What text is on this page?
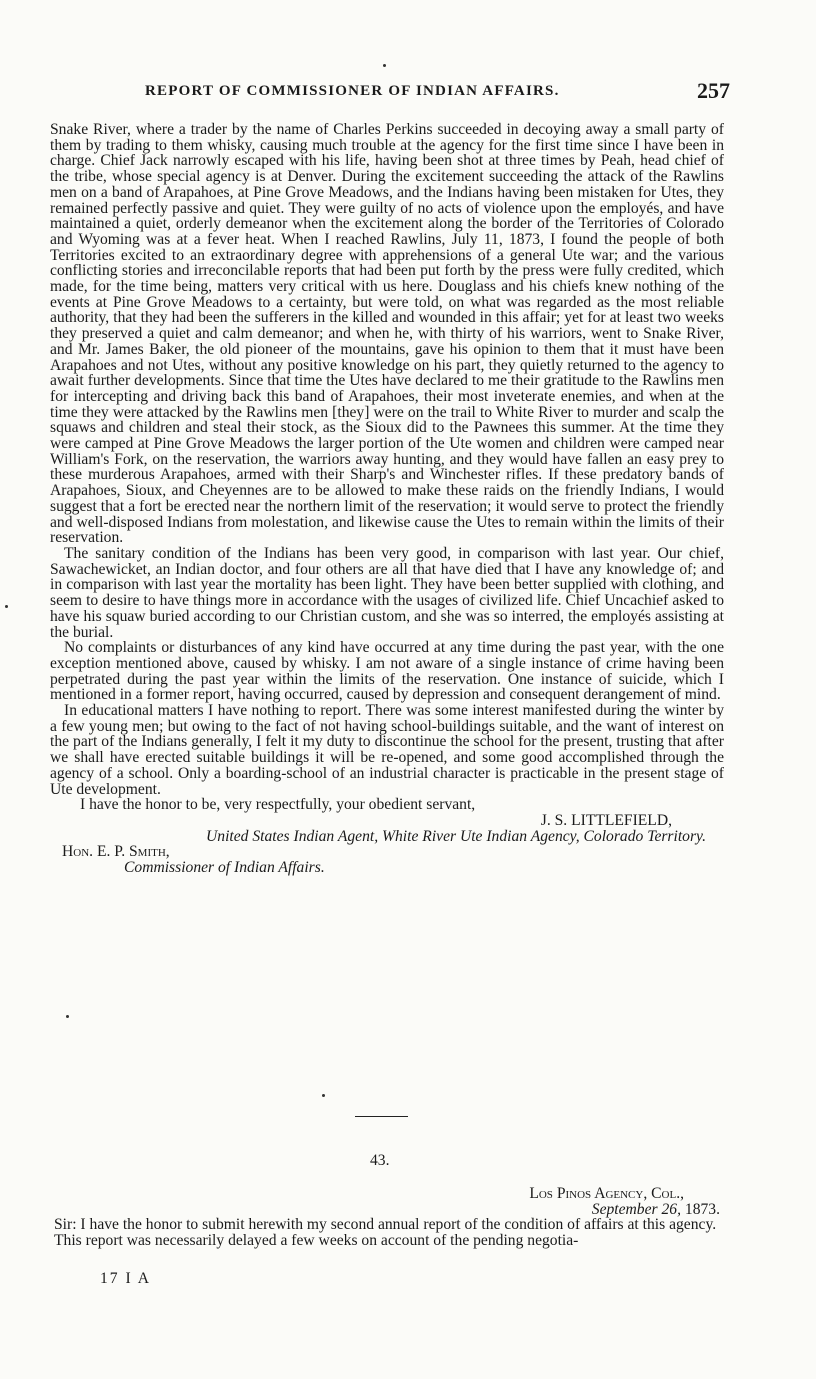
REPORT OF COMMISSIONER OF INDIAN AFFAIRS.	257

Snake River, where a trader by the name of Charles Perkins succeeded in decoying away a small party of them by trading to them whisky, causing much trouble at the agency for the first time since I have been in charge. Chief Jack narrowly escaped with his life, having been shot at three times by Peah, head chief of the tribe, whose special agency is at Denver. During the excitement succeeding the attack of the Rawlins men on a band of Arapahoes, at Pine Grove Meadows, and the Indians having been mistaken for Utes, they remained perfectly passive and quiet. They were guilty of no acts of violence upon the employés, and have maintained a quiet, orderly demeanor when the excitement along the border of the Territories of Colorado and Wyoming was at a fever heat. When I reached Rawlins, July 11, 1873, I found the people of both Territories excited to an extraordinary degree with apprehensions of a general Ute war; and the various conflicting stories and irreconcilable reports that had been put forth by the press were fully credited, which made, for the time being, matters very critical with us here. Douglass and his chiefs knew nothing of the events at Pine Grove Meadows to a certainty, but were told, on what was regarded as the most reliable authority, that they had been the sufferers in the killed and wounded in this affair; yet for at least two weeks they preserved a quiet and calm demeanor; and when he, with thirty of his warriors, went to Snake River, and Mr. James Baker, the old pioneer of the mountains, gave his opinion to them that it must have been Arapahoes and not Utes, without any positive knowledge on his part, they quietly returned to the agency to await further developments. Since that time the Utes have declared to me their gratitude to the Rawlins men for intercepting and driving back this band of Arapahoes, their most inveterate enemies, and when at the time they were attacked by the Rawlins men [they] were on the trail to White River to murder and scalp the squaws and children and steal their stock, as the Sioux did to the Pawnees this summer. At the time they were camped at Pine Grove Meadows the larger portion of the Ute women and children were camped near William's Fork, on the reservation, the warriors away hunting, and they would have fallen an easy prey to these murderous Arapahoes, armed with their Sharp's and Winchester rifles. If these predatory bands of Arapahoes, Sioux, and Cheyennes are to be allowed to make these raids on the friendly Indians, I would suggest that a fort be erected near the northern limit of the reservation; it would serve to protect the friendly and well-disposed Indians from molestation, and likewise cause the Utes to remain within the limits of their reservation.

The sanitary condition of the Indians has been very good, in comparison with last year. Our chief, Sawachewicket, an Indian doctor, and four others are all that have died that I have any knowledge of; and in comparison with last year the mortality has been light. They have been better supplied with clothing, and seem to desire to have things more in accordance with the usages of civilized life. Chief Uncachief asked to have his squaw buried according to our Christian custom, and she was so interred, the employés assisting at the burial.

No complaints or disturbances of any kind have occurred at any time during the past year, with the one exception mentioned above, caused by whisky. I am not aware of a single instance of crime having been perpetrated during the past year within the limits of the reservation. One instance of suicide, which I mentioned in a former report, having occurred, caused by depression and consequent derangement of mind.

In educational matters I have nothing to report. There was some interest manifested during the winter by a few young men; but owing to the fact of not having school-buildings suitable, and the want of interest on the part of the Indians generally, I felt it my duty to discontinue the school for the present, trusting that after we shall have erected suitable buildings it will be re-opened, and some good accomplished through the agency of a school. Only a boarding-school of an industrial character is practicable in the present stage of Ute development.

I have the honor to be, very respectfully, your obedient servant,

J. S. LITTLEFIELD,

United States Indian Agent, White River Ute Indian Agency, Colorado Territory.

Hon. E. P. Smith,

Commissioner of Indian Affairs.

43.

Los Pinos Agency, Col.,

September 26, 1873.

Sir: I have the honor to submit herewith my second annual report of the condition of affairs at this agency.

This report was necessarily delayed a few weeks on account of the pending negotia-

17 I A
